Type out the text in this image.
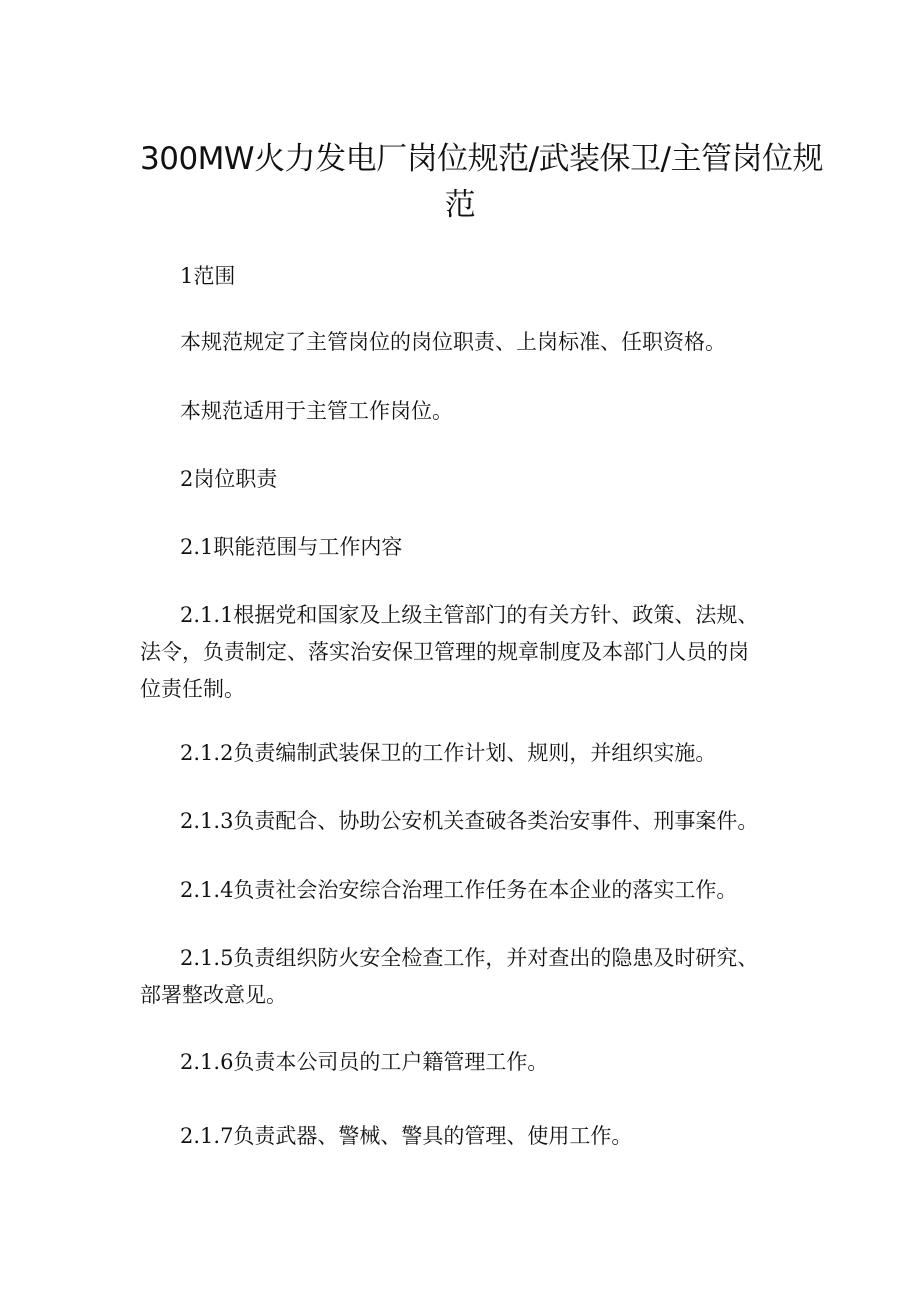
300MW火力发电厂岗位规范/武装保卫/主管岗位规
范
1范围
本规范规定了主管岗位的岗位职责、上岗标准、任职资格。
本规范适用于主管工作岗位。
2岗位职责
2.1职能范围与工作内容
2.1.1根据党和国家及上级主管部门的有关方针、政策、法规、
法令，负责制定、落实治安保卫管理的规章制度及本部门人员的岗
位责任制。
2.1.2负责编制武装保卫的工作计划、规则，并组织实施。
2.1.3负责配合、协助公安机关查破各类治安事件、刑事案件。
2.1.4负责社会治安综合治理工作任务在本企业的落实工作。
2.1.5负责组织防火安全检查工作，并对查出的隐患及时研究、
部署整改意见。
2.1.6负责本公司员的工户籍管理工作。
2.1.7负责武器、警械、警具的管理、使用工作。
